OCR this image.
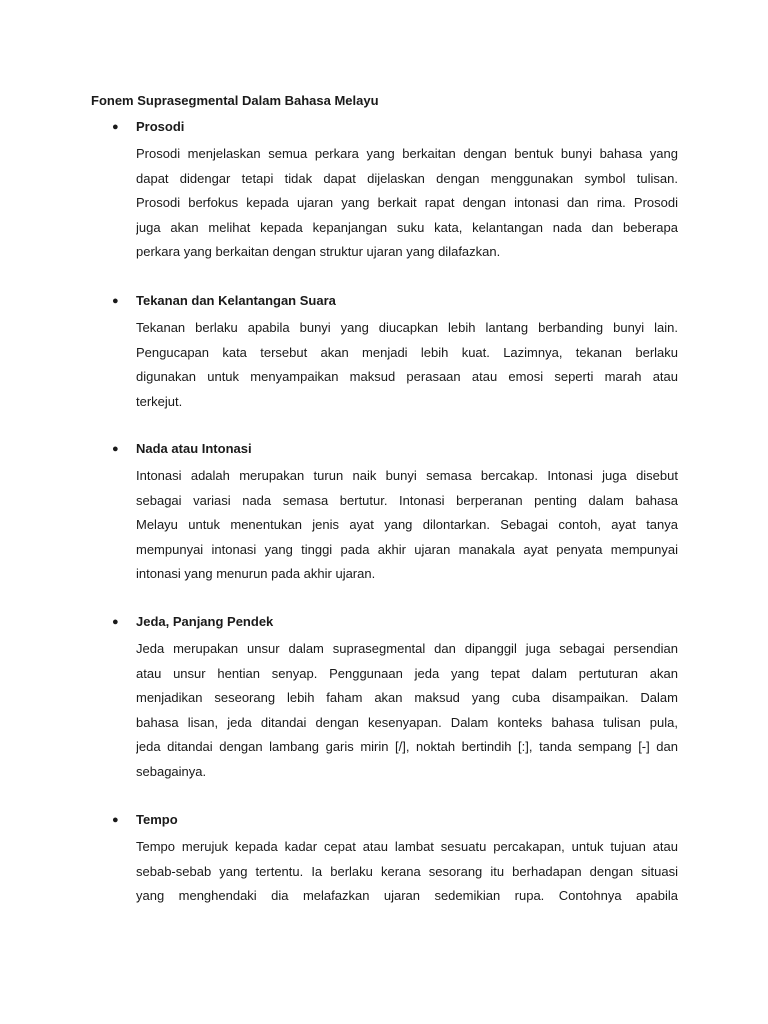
Fonem Suprasegmental Dalam Bahasa Melayu
● Prosodi
Prosodi menjelaskan semua perkara yang berkaitan dengan bentuk bunyi bahasa yang
dapat didengar tetapi tidak dapat dijelaskan dengan menggunakan symbol tulisan.
Prosodi berfokus kepada ujaran yang berkait rapat dengan intonasi dan rima. Prosodi
juga akan melihat kepada kepanjangan suku kata, kelantangan nada dan beberapa
perkara yang berkaitan dengan struktur ujaran yang dilafazkan.
● Tekanan dan Kelantangan Suara
Tekanan berlaku apabila bunyi yang diucapkan lebih lantang berbanding bunyi lain.
Pengucapan kata tersebut akan menjadi lebih kuat. Lazimnya, tekanan berlaku
digunakan untuk menyampaikan maksud perasaan atau emosi seperti marah atau
terkejut.
● Nada atau Intonasi
Intonasi adalah merupakan turun naik bunyi semasa bercakap. Intonasi juga disebut
sebagai variasi nada semasa bertutur. Intonasi berperanan penting dalam bahasa
Melayu untuk menentukan jenis ayat yang dilontarkan. Sebagai contoh, ayat tanya
mempunyai intonasi yang tinggi pada akhir ujaran manakala ayat penyata mempunyai
intonasi yang menurun pada akhir ujaran.
● Jeda, Panjang Pendek
Jeda merupakan unsur dalam suprasegmental dan dipanggil juga sebagai persendian
atau unsur hentian senyap. Penggunaan jeda yang tepat dalam pertuturan akan
menjadikan seseorang lebih faham akan maksud yang cuba disampaikan. Dalam
bahasa lisan, jeda ditandai dengan kesenyapan. Dalam konteks bahasa tulisan pula,
jeda ditandai dengan lambang garis mirin [/], noktah bertindih [:], tanda sempang [-] dan
sebagainya.
● Tempo
Tempo merujuk kepada kadar cepat atau lambat sesuatu percakapan, untuk tujuan atau
sebab-sebab yang tertentu. Ia berlaku kerana sesorang itu berhadapan dengan situasi
yang menghendaki dia melafazkan ujaran sedemikian rupa. Contohnya apabila
